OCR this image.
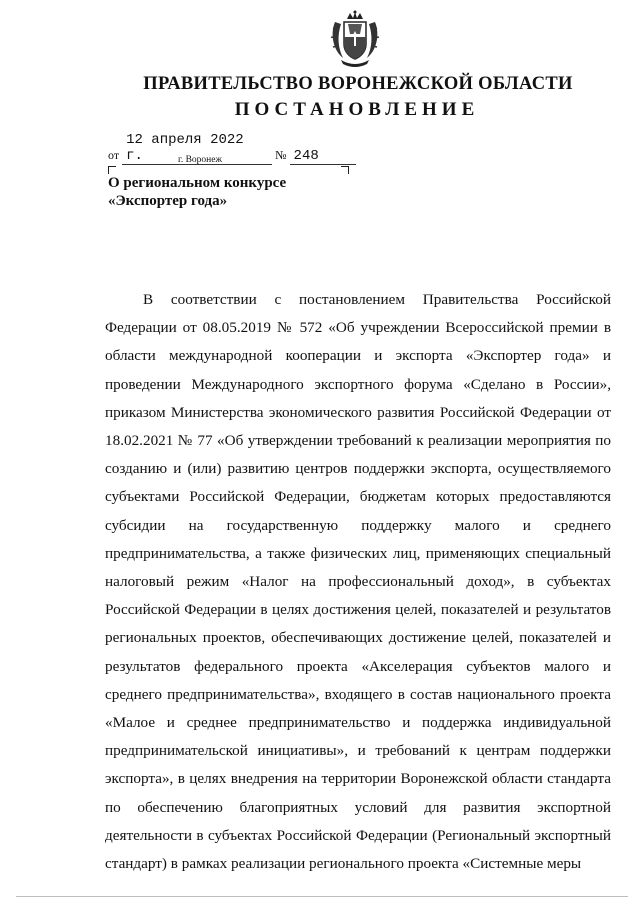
ПРАВИТЕЛЬСТВО ВОРОНЕЖСКОЙ ОБЛАСТИ
ПОСТАНОВЛЕНИЕ
от 12 апреля 2022 г.	№ 248
г. Воронеж
О региональном конкурсе
«Экспортер года»

В соответствии с постановлением Правительства Российской Федерации от 08.05.2019 № 572 «Об учреждении Всероссийской премии в области международной кооперации и экспорта «Экспортер года» и проведении Международного экспортного форума «Сделано в России», приказом Министерства экономического развития Российской Федерации от 18.02.2021 № 77 «Об утверждении требований к реализации мероприятия по созданию и (или) развитию центров поддержки экспорта, осуществляемого субъектами Российской Федерации, бюджетам которых предоставляются субсидии на государственную поддержку малого и среднего предпринимательства, а также физических лиц, применяющих специальный налоговый режим «Налог на профессиональный доход», в субъектах Российской Федерации в целях достижения целей, показателей и результатов региональных проектов, обеспечивающих достижение целей, показателей и результатов федерального проекта «Акселерация субъектов малого и среднего предпринимательства», входящего в состав национального проекта «Малое и среднее предпринимательство и поддержка индивидуальной предпринимательской инициативы», и требований к центрам поддержки экспорта», в целях внедрения на территории Воронежской области стандарта по обеспечению благоприятных условий для развития экспортной деятельности в субъектах Российской Федерации (Региональный экспортный стандарт) в рамках реализации регионального проекта «Системные меры
